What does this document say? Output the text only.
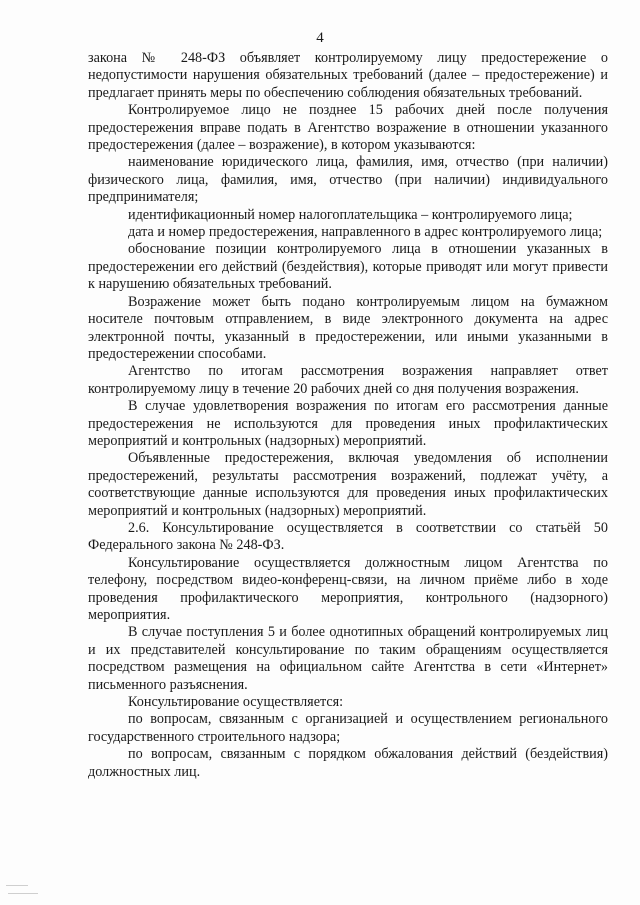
4

закона № 248-ФЗ объявляет контролируемому лицу предостережение о недопустимости нарушения обязательных требований (далее – предостережение) и предлагает принять меры по обеспечению соблюдения обязательных требований.

Контролируемое лицо не позднее 15 рабочих дней после получения предостережения вправе подать в Агентство возражение в отношении указанного предостережения (далее – возражение), в котором указываются:

наименование юридического лица, фамилия, имя, отчество (при наличии) физического лица, фамилия, имя, отчество (при наличии) индивидуального предпринимателя;

идентификационный номер налогоплательщика – контролируемого лица;

дата и номер предостережения, направленного в адрес контролируемого лица;

обоснование позиции контролируемого лица в отношении указанных в предостережении его действий (бездействия), которые приводят или могут привести к нарушению обязательных требований.

Возражение может быть подано контролируемым лицом на бумажном носителе почтовым отправлением, в виде электронного документа на адрес электронной почты, указанный в предостережении, или иными указанными в предостережении способами.

Агентство по итогам рассмотрения возражения направляет ответ контролируемому лицу в течение 20 рабочих дней со дня получения возражения.

В случае удовлетворения возражения по итогам его рассмотрения данные предостережения не используются для проведения иных профилактических мероприятий и контрольных (надзорных) мероприятий.

Объявленные предостережения, включая уведомления об исполнении предостережений, результаты рассмотрения возражений, подлежат учёту, а соответствующие данные используются для проведения иных профилактических мероприятий и контрольных (надзорных) мероприятий.

2.6. Консультирование осуществляется в соответствии со статьёй 50 Федерального закона № 248-ФЗ.

Консультирование осуществляется должностным лицом Агентства по телефону, посредством видео-конференц-связи, на личном приёме либо в ходе проведения профилактического мероприятия, контрольного (надзорного) мероприятия.

В случае поступления 5 и более однотипных обращений контролируемых лиц и их представителей консультирование по таким обращениям осуществляется посредством размещения на официальном сайте Агентства в сети «Интернет» письменного разъяснения.

Консультирование осуществляется:

по вопросам, связанным с организацией и осуществлением регионального государственного строительного надзора;

по вопросам, связанным с порядком обжалования действий (бездействия) должностных лиц.
